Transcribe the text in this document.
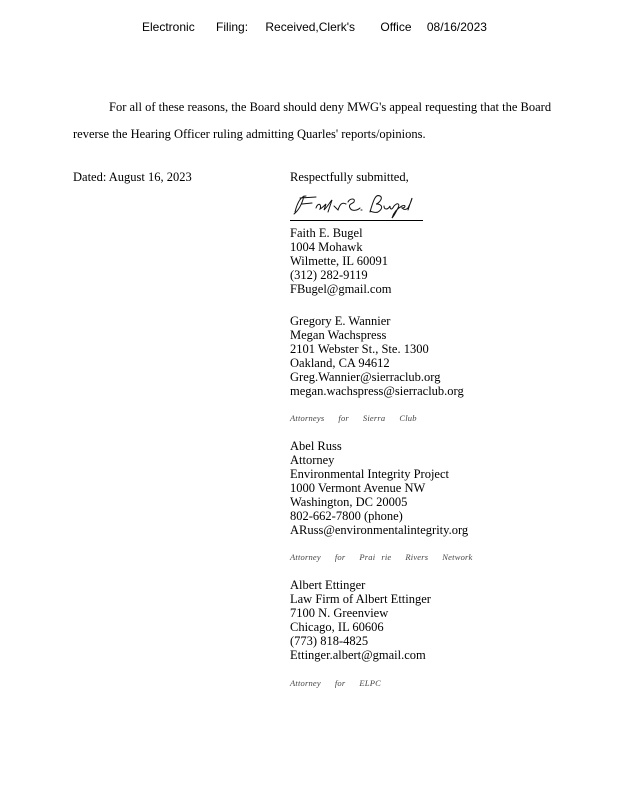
Electronic Filing: Received,Clerk's Office 08/16/2023
For all of these reasons, the Board should deny MWG's appeal requesting that the Board
reverse the Hearing Officer ruling admitting Quarles' reports/opinions.
Dated: August 16, 2023	Respectfully submitted,
Faith E. Bugel
1004 Mohawk
Wilmette, IL 60091
(312) 282-9119
FBugel@gmail.com
Gregory E. Wannier
Megan Wachspress
2101 Webster St., Ste. 1300
Oakland, CA 94612
Greg.Wannier@sierraclub.org
megan.wachspress@sierraclub.org
Attorneys for Sierra Club
Abel Russ
Attorney
Environmental Integrity Project
1000 Vermont Avenue NW
Washington, DC 20005
802-662-7800 (phone)
ARuss@environmentalintegrity.org
Attorney for Prai rie Rivers Network
Albert Ettinger
Law Firm of Albert Ettinger
7100 N. Greenview
Chicago, IL 60606
(773) 818-4825
Ettinger.albert@gmail.com
Attorney for ELPC
